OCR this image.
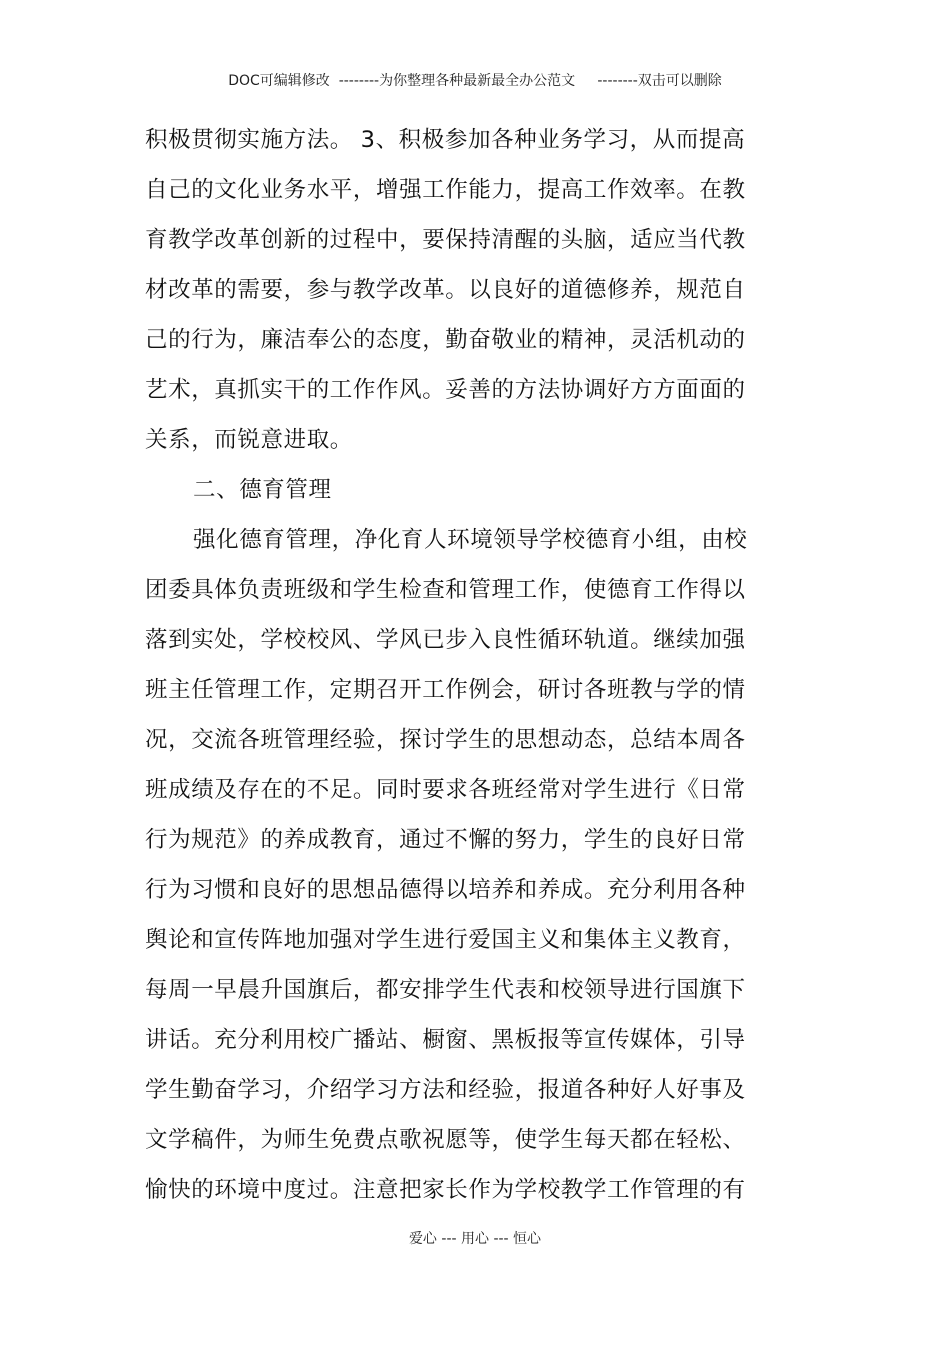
DOC可编辑修改  --------为你整理各种最新最全办公范文     --------双击可以删除
积极贯彻实施方法。 3、积极参加各种业务学习，从而提高
自己的文化业务水平，增强工作能力，提高工作效率。在教
育教学改革创新的过程中，要保持清醒的头脑，适应当代教
材改革的需要，参与教学改革。以良好的道德修养，规范自
己的行为，廉洁奉公的态度，勤奋敬业的精神，灵活机动的
艺术，真抓实干的工作作风。妥善的方法协调好方方面面的
关系，而锐意进取。
二、德育管理
强化德育管理，净化育人环境领导学校德育小组，由校
团委具体负责班级和学生检查和管理工作，使德育工作得以
落到实处，学校校风、学风已步入良性循环轨道。继续加强
班主任管理工作，定期召开工作例会，研讨各班教与学的情
况，交流各班管理经验，探讨学生的思想动态，总结本周各
班成绩及存在的不足。同时要求各班经常对学生进行《日常
行为规范》的养成教育，通过不懈的努力，学生的良好日常
行为习惯和良好的思想品德得以培养和养成。充分利用各种
舆论和宣传阵地加强对学生进行爱国主义和集体主义教育，
每周一早晨升国旗后，都安排学生代表和校领导进行国旗下
讲话。充分利用校广播站、橱窗、黑板报等宣传媒体，引导
学生勤奋学习，介绍学习方法和经验，报道各种好人好事及
文学稿件，为师生免费点歌祝愿等，使学生每天都在轻松、
愉快的环境中度过。注意把家长作为学校教学工作管理的有
爱心 --- 用心 --- 恒心
